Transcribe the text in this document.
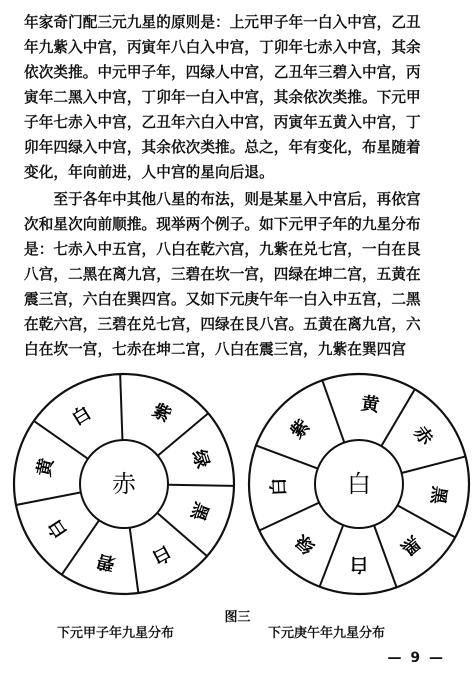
年家奇门配三元九星的原则是：上元甲子年一白入中宫，乙丑
年九紫入中宫，丙寅年八白入中宫，丁卯年七赤入中宫，其余
依次类推。中元甲子年，四绿人中宫，乙丑年三碧入中宫，丙
寅年二黑入中宫，丁卯年一白入中宫，其余依次类推。下元甲
子年七赤入中宫，乙丑年六白入中宫，丙寅年五黄入中宫，丁
卯年四绿入中宫，其余依次类推。总之，年有变化，布星随着
变化，年向前进，人中宫的星向后退。
　　至于各年中其他八星的布法，则是某星入中宫后，再依宫
次和星次向前顺推。现举两个例子。如下元甲子年的九星分布
是：七赤入中五宫，八白在乾六宫，九紫在兑七宫，一白在艮
八宫，二黑在离九宫，三碧在坎一宫，四绿在坤二宫，五黄在
震三宫，六白在巽四宫。又如下元庚午年一白入中五宫，二黑
在乾六宫，三碧在兑七宫，四绿在艮八宫。五黄在离九宫，六
白在坎一宫，七赤在坤二宫，八白在震三宫，九紫在巽四宫
紫
绿
黑
白
碧
白
黄
白
赤
黄
赤
黑
黑
白
绿
白
紫
白
图三
下元甲子年九星分布	下元庚午年九星分布
— 9 —
